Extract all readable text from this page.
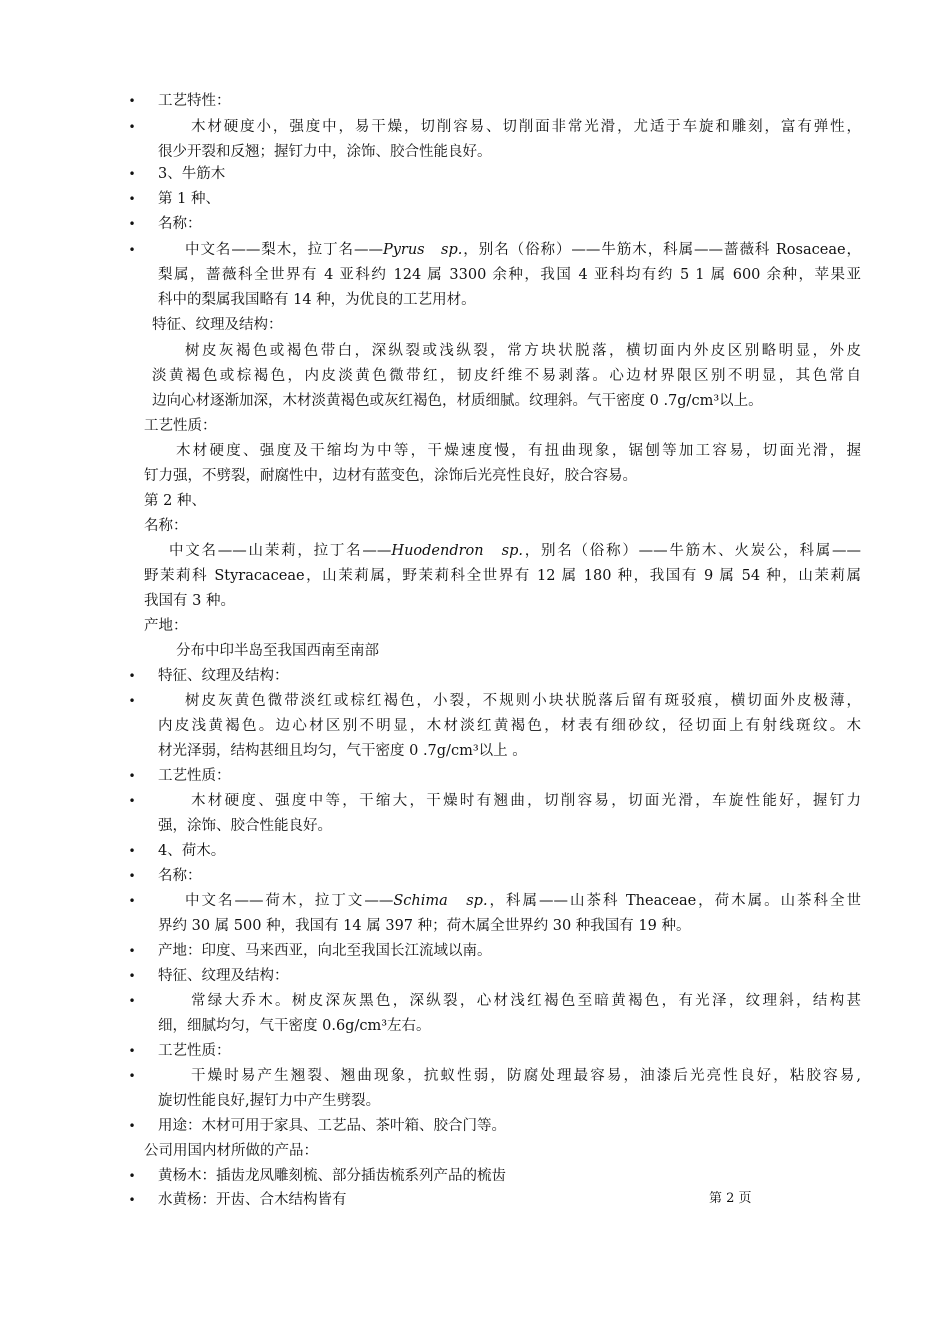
• 工艺特性：
•	木材硬度小，强度中，易干燥，切削容易、切削面非常光滑，尤适于车旋和雕刻，富有弹性，
很少开裂和反翘；握钉力中，涂饰、胶合性能良好。
• 3、牛筋木
• 第 1 种、
• 名称：
•	中文名——梨木，拉丁名——Pyrus　sp.，别名（俗称）——牛筋木，科属——蔷薇科 Rosaceae，
梨属，蔷薇科全世界有 4 亚科约 124 属 3300 余种，我国 4 亚科均有约 5 1 属 600 余种，苹果亚
科中的梨属我国略有 14 种，为优良的工艺用材。
特征、纹理及结构：
树皮灰褐色或褐色带白，深纵裂或浅纵裂，常方块状脱落，横切面内外皮区别略明显，外皮
淡黄褐色或棕褐色，内皮淡黄色微带红，韧皮纤维不易剥落。心边材界限区别不明显，其色常自
边向心材逐渐加深，木材淡黄褐色或灰红褐色，材质细腻。纹理斜。气干密度 0 .7g/cm³以上。
工艺性质：
木材硬度、强度及干缩均为中等，干燥速度慢，有扭曲现象，锯刨等加工容易，切面光滑，握
钉力强，不劈裂，耐腐性中，边材有蓝变色，涂饰后光亮性良好，胶合容易。
第 2 种、
名称：
中文名——山茉莉，拉丁名——Huodendron　sp.，别名（俗称）——牛筋木、火炭公，科属——
野茉莉科 Styracaceae，山茉莉属，野茉莉科全世界有 12 属 180 种，我国有 9 属 54 种，山茉莉属
我国有 3 种。
产地：
分布中印半岛至我国西南至南部
• 特征、纹理及结构：
•	树皮灰黄色微带淡红或棕红褐色，小裂，不规则小块状脱落后留有斑驳痕，横切面外皮极薄，
内皮浅黄褐色。边心材区别不明显，木材淡红黄褐色，材表有细砂纹，径切面上有射线斑纹。木
材光泽弱，结构甚细且均匀，气干密度 0 .7g/cm³以上 。
• 工艺性质：
•	木材硬度、强度中等，干缩大，干燥时有翘曲，切削容易，切面光滑，车旋性能好，握钉力
强，涂饰、胶合性能良好。
• 4、荷木。
• 名称：
•	中文名——荷木，拉丁文——Schima　sp.，科属——山茶科 Theaceae，荷木属。山茶科全世
界约 30 属 500 种，我国有 14 属 397 种；荷木属全世界约 30 种我国有 19 种。
• 产地：印度、马来西亚，向北至我国长江流域以南。
• 特征、纹理及结构：
•	常绿大乔木。树皮深灰黑色，深纵裂，心材浅红褐色至暗黄褐色，有光泽，纹理斜，结构甚
细，细腻均匀，气干密度 0.6g/cm³左右。
• 工艺性质：
•	干燥时易产生翘裂、翘曲现象，抗蚁性弱，防腐处理最容易，油漆后光亮性良好，粘胶容易,
旋切性能良好,握钉力中产生劈裂。
• 用途：木材可用于家具、工艺品、茶叶箱、胶合门等。
公司用国内材所做的产品：
• 黄杨木：插齿龙凤雕刻梳、部分插齿梳系列产品的梳齿
• 水黄杨：开齿、合木结构皆有	第 2 页
